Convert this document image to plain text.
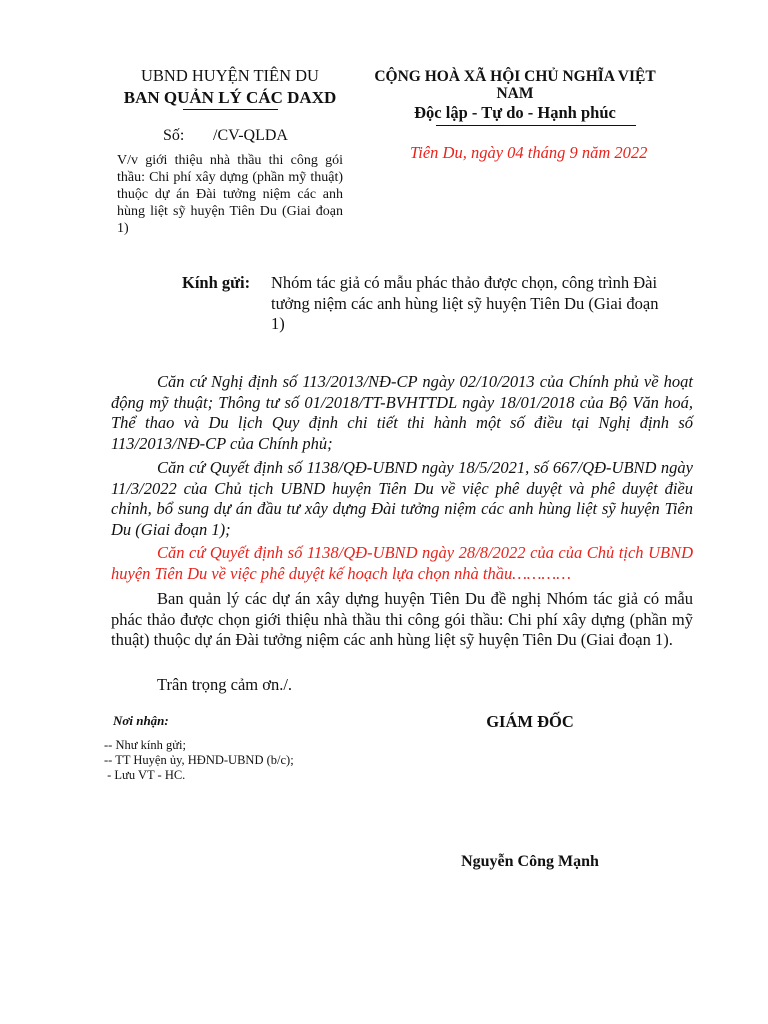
UBND HUYỆN TIÊN DU
BAN QUẢN LÝ CÁC DAXD
CỘNG HOÀ XÃ HỘI CHỦ NGHĨA VIỆT NAM
Độc lập - Tự do - Hạnh phúc
Số: /CV-QLDA
Tiên Du, ngày 04 tháng 9 năm 2022
V/v giới thiệu nhà thầu thi công gói thầu: Chi phí xây dựng (phần mỹ thuật) thuộc dự án Đài tưởng niệm các anh hùng liệt sỹ huyện Tiên Du (Giai đoạn 1)
Kính gửi: Nhóm tác giả có mẫu phác thảo được chọn, công trình Đài tưởng niệm các anh hùng liệt sỹ huyện Tiên Du (Giai đoạn 1)
Căn cứ Nghị định số 113/2013/NĐ-CP ngày 02/10/2013 của Chính phủ về hoạt động mỹ thuật; Thông tư số 01/2018/TT-BVHTTDL ngày 18/01/2018 của Bộ Văn hoá, Thể thao và Du lịch Quy định chi tiết thi hành một số điều tại Nghị định số 113/2013/NĐ-CP của Chính phủ;
Căn cứ Quyết định số 1138/QĐ-UBND ngày 18/5/2021, số 667/QĐ-UBND ngày 11/3/2022 của Chủ tịch UBND huyện Tiên Du về việc phê duyệt và phê duyệt điều chỉnh, bổ sung dự án đầu tư xây dựng Đài tưởng niệm các anh hùng liệt sỹ huyện Tiên Du (Giai đoạn 1);
Căn cứ Quyết định số 1138/QĐ-UBND ngày 28/8/2022 của của Chủ tịch UBND huyện Tiên Du về việc phê duyệt kế hoạch lựa chọn nhà thầu…………
Ban quản lý các dự án xây dựng huyện Tiên Du đề nghị Nhóm tác giả có mẫu phác thảo được chọn giới thiệu nhà thầu thi công gói thầu: Chi phí xây dựng (phần mỹ thuật) thuộc dự án Đài tưởng niệm các anh hùng liệt sỹ huyện Tiên Du (Giai đoạn 1).
Trân trọng cảm ơn./.
Nơi nhận:
-- Như kính gửi;
-- TT Huyện ủy, HĐND-UBND (b/c);
- Lưu VT - HC.
GIÁM ĐỐC
Nguyễn Công Mạnh
